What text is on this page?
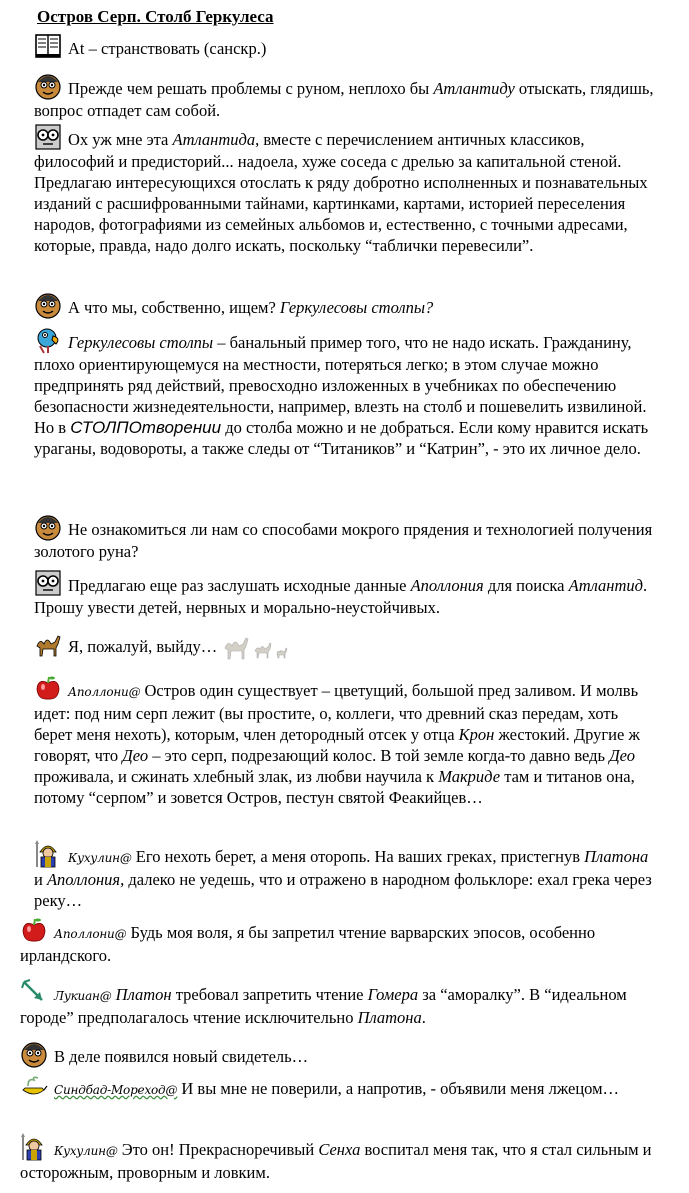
Остров Серп. Столб Геркулеса
At – странствовать (санскр.)
Прежде чем решать проблемы с руном, неплохо бы Атлантиду отыскать, глядишь, вопрос отпадет сам собой.
Ох уж мне эта Атлантида, вместе с перечислением античных классиков, философий и предисторий... надоела, хуже соседа с дрелью за капитальной стеной. Предлагаю интересующихся отослать к ряду добротно исполненных и познавательных изданий с расшифрованными тайнами, картинками, картами, историей переселения народов, фотографиями из семейных альбомов и, естественно, с точными адресами, которые, правда, надо долго искать, поскольку “таблички перевесили”.
А что мы, собственно, ищем? Геркулесовы столпы?
Геркулесовы столпы – банальный пример того, что не надо искать. Гражданину, плохо ориентирующемуся на местности, потеряться легко; в этом случае можно предпринять ряд действий, превосходно изложенных в учебниках по обеспечению безопасности жизнедеятельности, например, влезть на столб и пошевелить извилиной. Но в СТОЛПОтворении до столба можно и не добраться. Если кому нравится искать ураганы, водовороты, а также следы от “Титаников” и “Катрин”, - это их личное дело.
Не ознакомиться ли нам со способами мокрого прядения и технологией получения золотого руна?
Предлагаю еще раз заслушать исходные данные Аполлония для поиска Атлантид. Прошу увести детей, нервных и морально-неустойчивых.
Я, пожалуй, выйду…
Аполлони@ Остров один существует – цветущий, большой пред заливом. И молвь идет: под ним серп лежит (вы простите, о, коллеги, что древний сказ передам, хоть берет меня нехоть), которым, член детородный отсек у отца Крон жестокий. Другие ж говорят, что Део – это серп, подрезающий колос. В той земле когда-то давно ведь Део проживала, и сжинать хлебный злак, из любви научила к Макриде там и титанов она, потому “серпом” и зовется Остров, пестун святой Феакийцев…
Кухулин@ Его нехоть берет, а меня оторопь. На ваших греках, пристегнув Платона и Аполлония, далеко не уедешь, что и отражено в народном фольклоре: ехал грека через реку…
Аполлони@ Будь моя воля, я бы запретил чтение варварских эпосов, особенно ирландского.
Лукиан@ Платон требовал запретить чтение Гомера за “аморалку”. В “идеальном городе” предполагалось чтение исключительно Платона.
В деле появился новый свидетель…
Синдбад-Мореход@ И вы мне не поверили, а напротив, - объявили меня лжецом…
Кухулин@ Это он! Прекрасноречивый Сенха воспитал меня так, что я стал сильным и осторожным, проворным и ловким.
